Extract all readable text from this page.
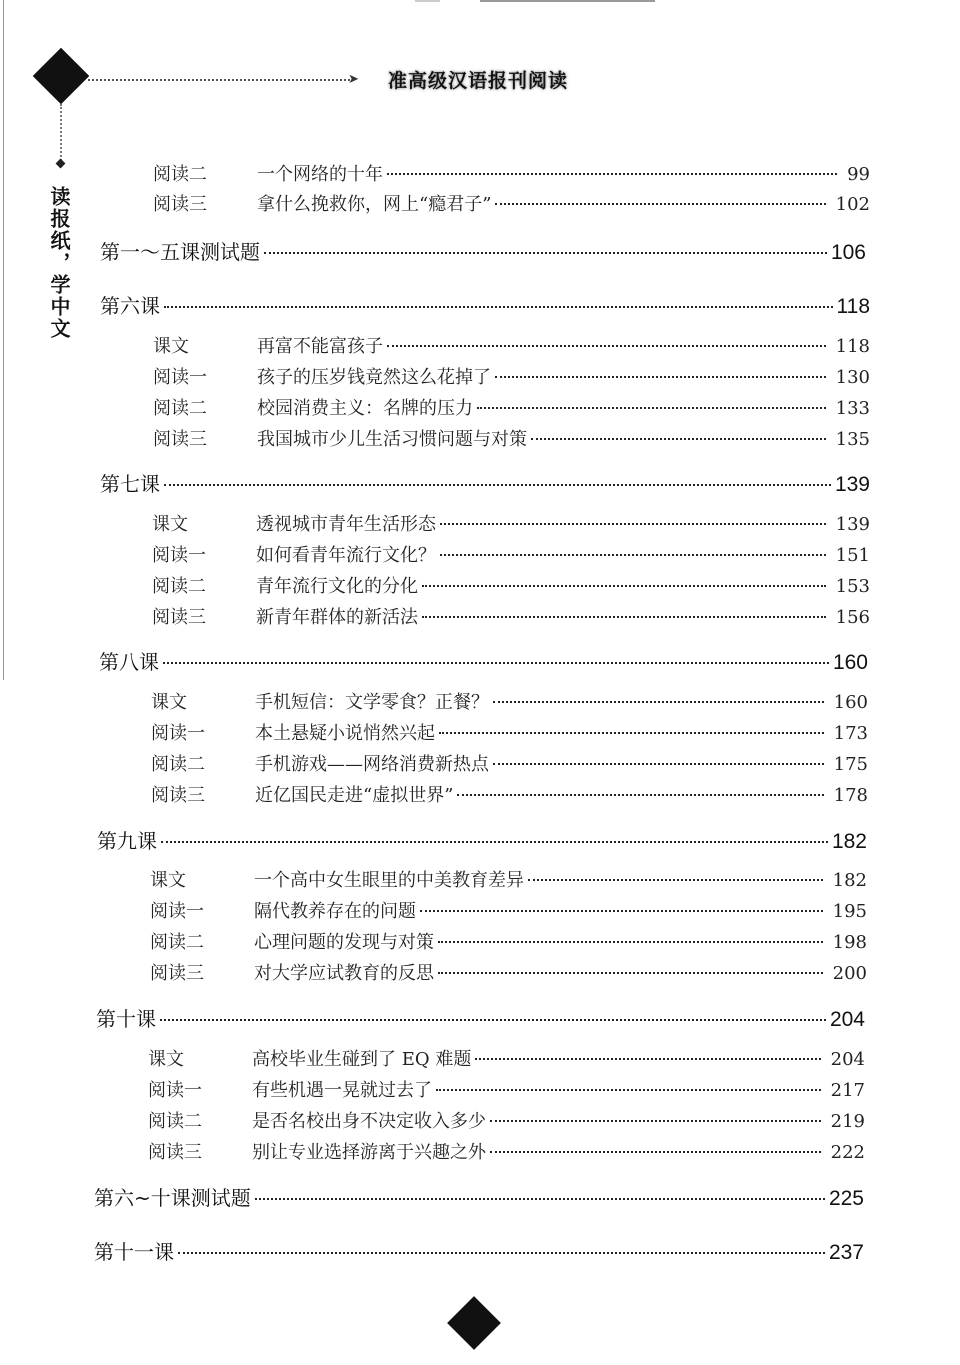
➤ 准高级汉语报刊阅读
读报纸，学中文
阅读二	一个网络的十年	99
阅读三	拿什么挽救你，网上“瘾君子”	102
第一～五课测试题	106
第六课	118
课文	再富不能富孩子	118
阅读一	孩子的压岁钱竟然这么花掉了	130
阅读二	校园消费主义：名牌的压力	133
阅读三	我国城市少儿生活习惯问题与对策	135
第七课	139
课文	透视城市青年生活形态	139
阅读一	如何看青年流行文化？	151
阅读二	青年流行文化的分化	153
阅读三	新青年群体的新活法	156
第八课	160
课文	手机短信：文学零食？正餐？	160
阅读一	本土悬疑小说悄然兴起	173
阅读二	手机游戏——网络消费新热点	175
阅读三	近亿国民走进“虚拟世界”	178
第九课	182
课文	一个高中女生眼里的中美教育差异	182
阅读一	隔代教养存在的问题	195
阅读二	心理问题的发现与对策	198
阅读三	对大学应试教育的反思	200
第十课	204
课文	高校毕业生碰到了 EQ 难题	204
阅读一	有些机遇一晃就过去了	217
阅读二	是否名校出身不决定收入多少	219
阅读三	别让专业选择游离于兴趣之外	222
第六~十课测试题	225
第十一课	237
